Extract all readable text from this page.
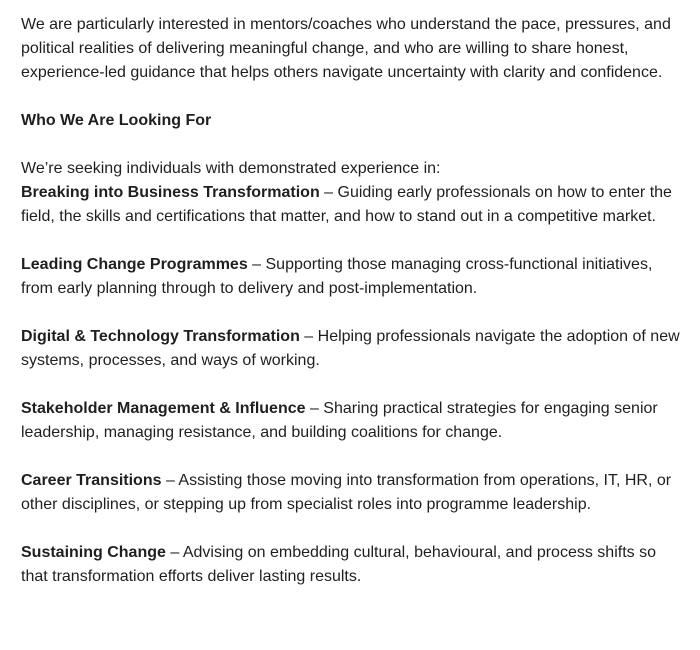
We are particularly interested in mentors/coaches who understand the pace, pressures, and political realities of delivering meaningful change, and who are willing to share honest, experience-led guidance that helps others navigate uncertainty with clarity and confidence.

Who We Are Looking For

We’re seeking individuals with demonstrated experience in:

Breaking into Business Transformation – Guiding early professionals on how to enter the field, the skills and certifications that matter, and how to stand out in a competitive market.

Leading Change Programmes – Supporting those managing cross-functional initiatives, from early planning through to delivery and post-implementation.

Digital & Technology Transformation – Helping professionals navigate the adoption of new systems, processes, and ways of working.

Stakeholder Management & Influence – Sharing practical strategies for engaging senior leadership, managing resistance, and building coalitions for change.

Career Transitions – Assisting those moving into transformation from operations, IT, HR, or other disciplines, or stepping up from specialist roles into programme leadership.

Sustaining Change – Advising on embedding cultural, behavioural, and process shifts so that transformation efforts deliver lasting results.
